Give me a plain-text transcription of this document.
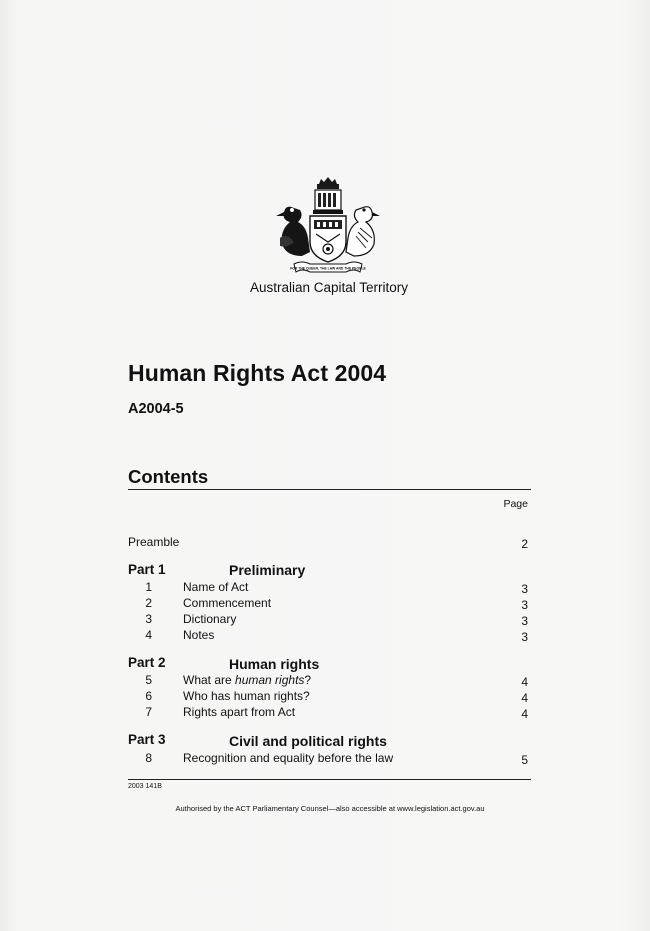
FOR THE QUEEN, THE LAW AND THE PEOPLE
Australian Capital Territory
Human Rights Act 2004
A2004-5
Contents
Page
Preamble	2
Part 1	Preliminary
1	Name of Act	3
2	Commencement	3
3	Dictionary	3
4	Notes	3
Part 2	Human rights
5	What are human rights?	4
6	Who has human rights?	4
7	Rights apart from Act	4
Part 3	Civil and political rights
8	Recognition and equality before the law	5
2003 141B
Authorised by the ACT Parliamentary Counsel—also accessible at www.legislation.act.gov.au
